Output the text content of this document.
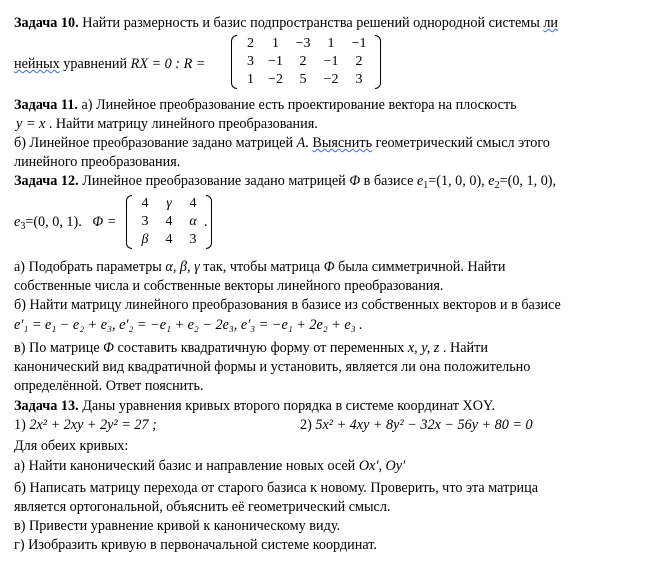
Задача 10. Найти размерность и базис подпространства решений однородной системы ли
нейных уравнений RX = 0 : R =
2	1	−3	1	−1
3	−1	2	−1	2
1	−2	5	−2	3
Задача 11. а) Линейное преобразование есть проектирование вектора на плоскость
y = x . Найти матрицу линейного преобразования.
б) Линейное преобразование задано матрицей A. Выяснить геометрический смысл этого
линейного преобразования.
Задача 12. Линейное преобразование задано матрицей Φ в базисе $e_1=(1$, 0, 0), $e_2=(0$, 1, 0),
$e_3=(0$, 0, 1). Φ =
4	γ	4
3	4	α
β	4	3
.
а) Подобрать параметры α, β, γ так, чтобы матрица Φ была симметричной. Найти
собственные числа и собственные векторы линейного преобразования.
б) Найти матрицу линейного преобразования в базисе из собственных векторов и в базисе
e′₁ = e₁ − e₂ + e₃, e′₂ = −e₁ + e₂ − 2e₃, e′₃ = −e₁ + 2e₂ + e₃ .
в) По матрице Φ составить квадратичную форму от переменных x, y, z . Найти
канонический вид квадратичной формы и установить, является ли она положительно
определённой. Ответ пояснить.
Задача 13. Даны уравнения кривых второго порядка в системе координат XOY.
1) 2x² + 2xy + 2y² = 27 ;	2) 5x² + 4xy + 8y² − 32x − 56y + 80 = 0
Для обеих кривых:
а) Найти канонический базис и направление новых осей Ox′, Oy′
б) Написать матрицу перехода от старого базиса к новому. Проверить, что эта матрица
является ортогональной, объяснить её геометрический смысл.
в) Привести уравнение кривой к каноническому виду.
г) Изобразить кривую в первоначальной системе координат.
